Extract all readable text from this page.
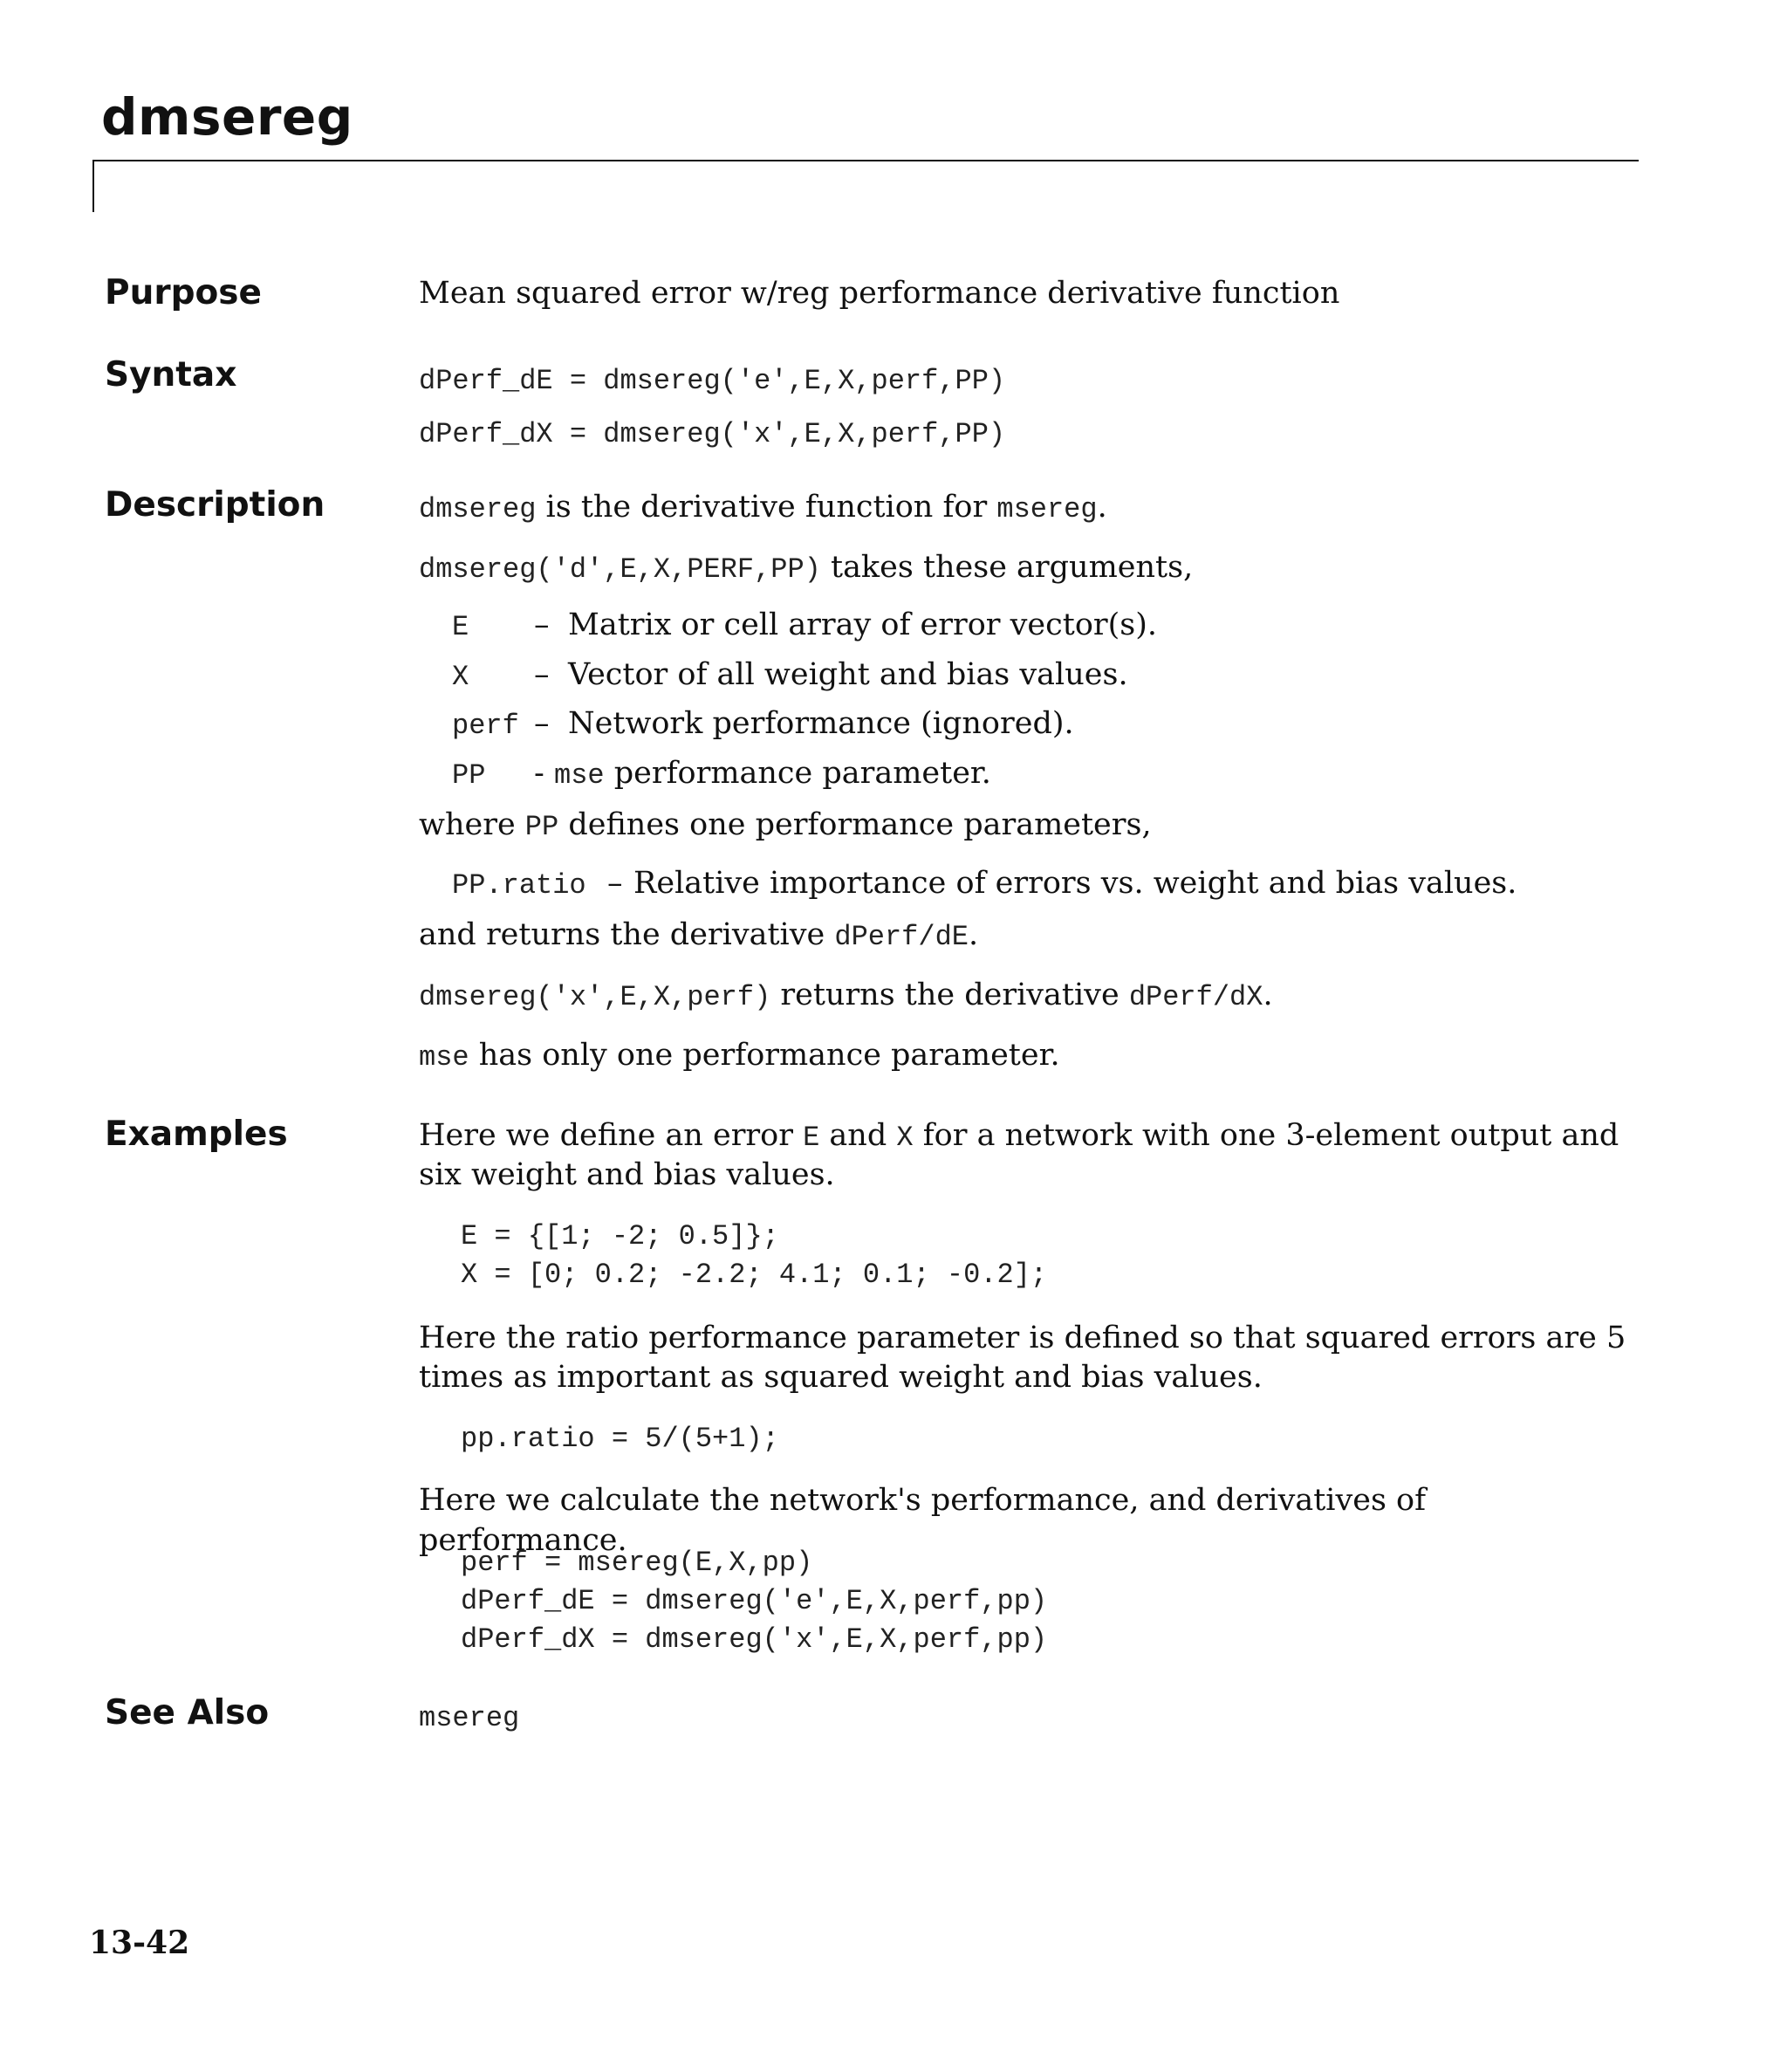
dmsereg
Purpose	Mean squared error w/reg performance derivative function
Syntax	dPerf_dE = dmsereg('e',E,X,perf,PP)
dPerf_dX = dmsereg('x',E,X,perf,PP)
Description	dmsereg is the derivative function for msereg.
dmsereg('d',E,X,PERF,PP) takes these arguments,
E – Matrix or cell array of error vector(s).
X – Vector of all weight and bias values.
perf – Network performance (ignored).
PP - mse performance parameter.
where PP defines one performance parameters,
PP.ratio – Relative importance of errors vs. weight and bias values.
and returns the derivative dPerf/dE.
dmsereg('x',E,X,perf) returns the derivative dPerf/dX.
mse has only one performance parameter.
Examples	Here we define an error E and X for a network with one 3-element output and
six weight and bias values.
E = {[1; -2; 0.5]};
X = [0; 0.2; -2.2; 4.1; 0.1; -0.2];
Here the ratio performance parameter is defined so that squared errors are 5
times as important as squared weight and bias values.
pp.ratio = 5/(5+1);
Here we calculate the network's performance, and derivatives of performance.
perf = msereg(E,X,pp)
dPerf_dE = dmsereg('e',E,X,perf,pp)
dPerf_dX = dmsereg('x',E,X,perf,pp)
See Also	msereg
13-42
